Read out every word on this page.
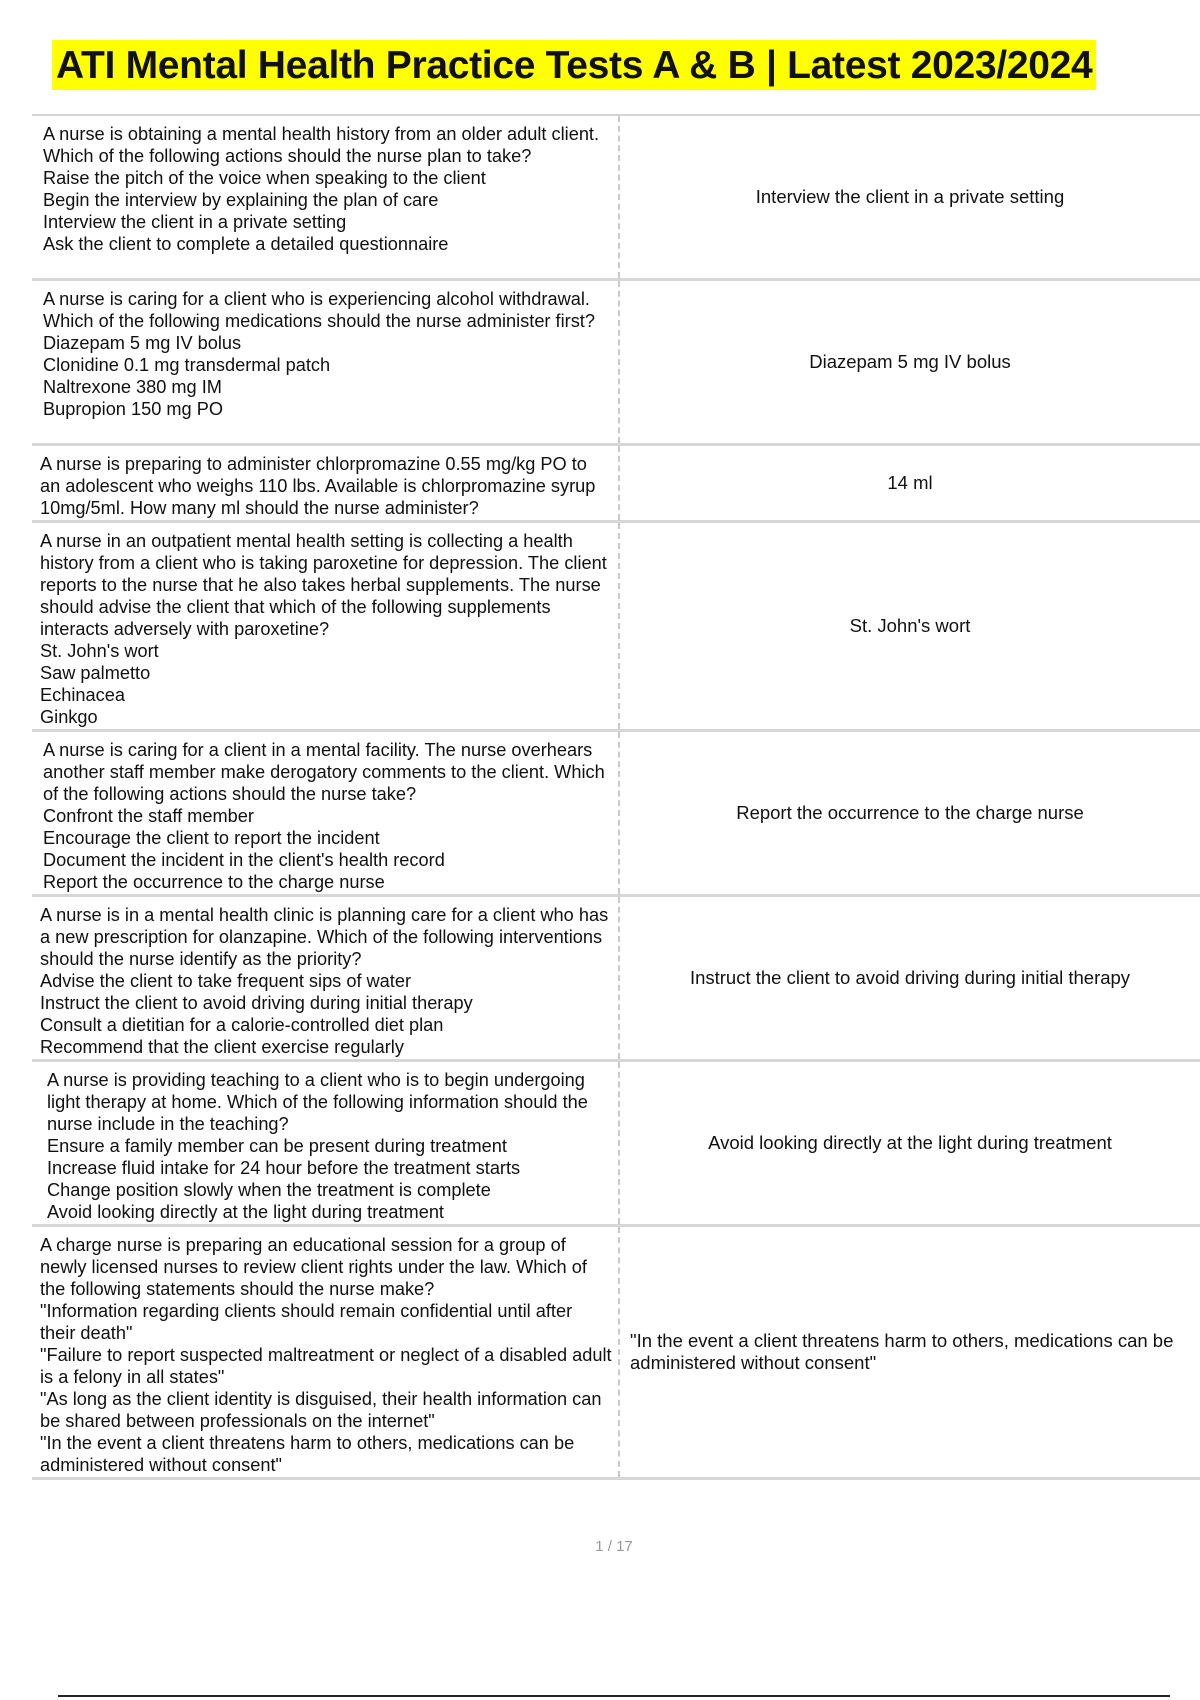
ATI Mental Health Practice Tests A & B | Latest 2023/2024
A nurse is obtaining a mental health history from an older adult client. Which of the following actions should the nurse plan to take?
Raise the pitch of the voice when speaking to the client
Begin the interview by explaining the plan of care
Interview the client in a private setting
Ask the client to complete a detailed questionnaire
Interview the client in a private setting
A nurse is caring for a client who is experiencing alcohol withdrawal. Which of the following medications should the nurse administer first?
Diazepam 5 mg IV bolus
Clonidine 0.1 mg transdermal patch
Naltrexone 380 mg IM
Bupropion 150 mg PO
Diazepam 5 mg IV bolus
A nurse is preparing to administer chlorpromazine 0.55 mg/kg PO to an adolescent who weighs 110 lbs. Available is chlorpromazine syrup 10mg/5ml. How many ml should the nurse administer?
14 ml
A nurse in an outpatient mental health setting is collecting a health history from a client who is taking paroxetine for depression. The client reports to the nurse that he also takes herbal supplements. The nurse should advise the client that which of the following supplements interacts adversely with paroxetine?
St. John's wort
Saw palmetto
Echinacea
Ginkgo
St. John's wort
A nurse is caring for a client in a mental facility. The nurse overhears another staff member make derogatory comments to the client. Which of the following actions should the nurse take?
Confront the staff member
Encourage the client to report the incident
Document the incident in the client's health record
Report the occurrence to the charge nurse
Report the occurrence to the charge nurse
A nurse is in a mental health clinic is planning care for a client who has a new prescription for olanzapine. Which of the following interventions should the nurse identify as the priority?
Advise the client to take frequent sips of water
Instruct the client to avoid driving during initial therapy
Consult a dietitian for a calorie-controlled diet plan
Recommend that the client exercise regularly
Instruct the client to avoid driving during initial therapy
A nurse is providing teaching to a client who is to begin undergoing light therapy at home. Which of the following information should the nurse include in the teaching?
Ensure a family member can be present during treatment
Increase fluid intake for 24 hour before the treatment starts
Change position slowly when the treatment is complete
Avoid looking directly at the light during treatment
Avoid looking directly at the light during treatment
A charge nurse is preparing an educational session for a group of newly licensed nurses to review client rights under the law. Which of the following statements should the nurse make?
"Information regarding clients should remain confidential until after their death"
"Failure to report suspected maltreatment or neglect of a disabled adult is a felony in all states"
"As long as the client identity is disguised, their health information can be shared between professionals on the internet"
"In the event a client threatens harm to others, medications can be administered without consent"
"In the event a client threatens harm to others, medications can be administered without consent"
1 / 17
